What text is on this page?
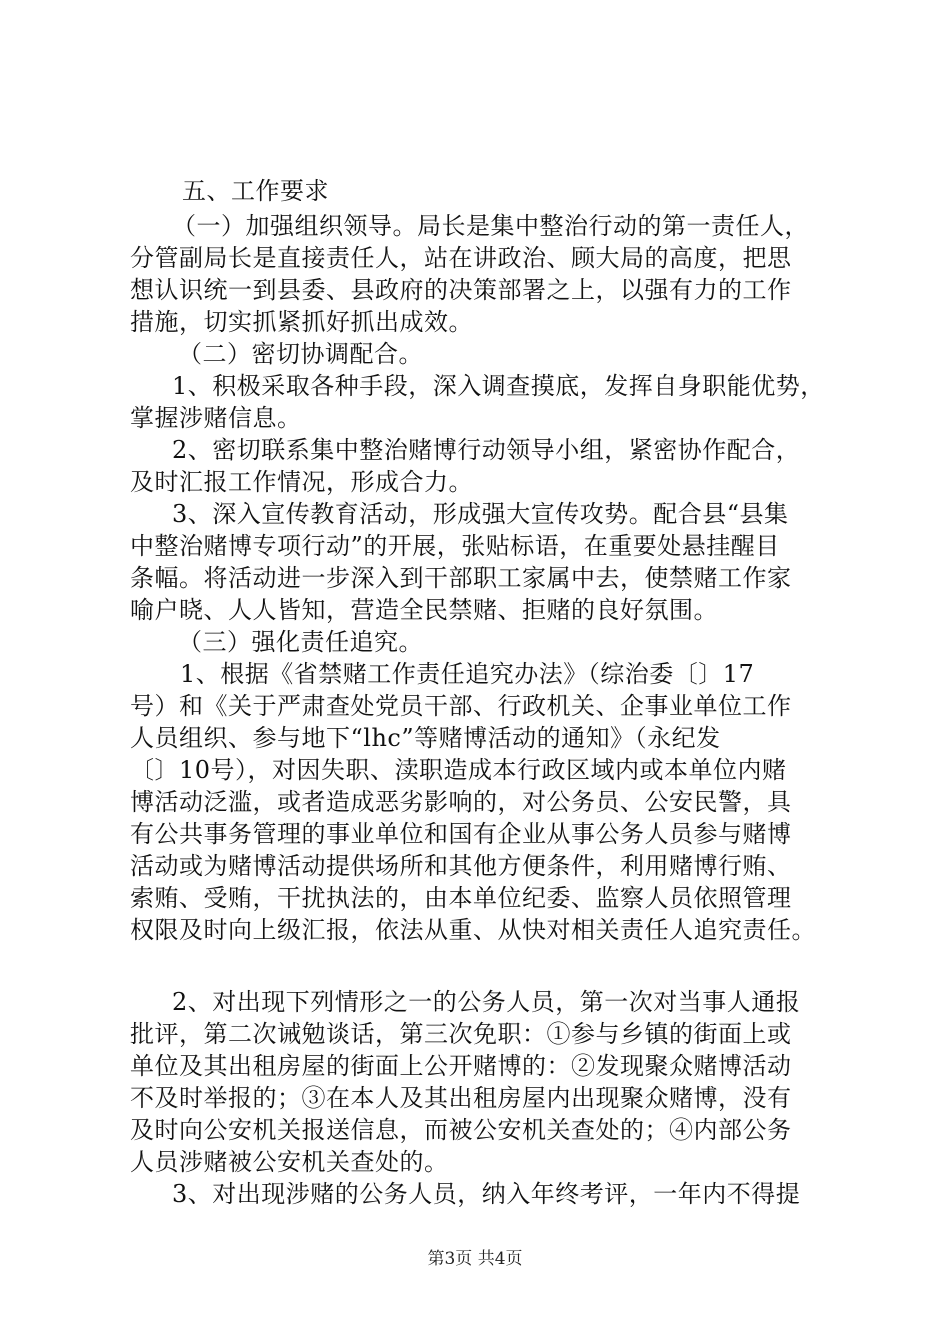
五、工作要求
（一）加强组织领导。局长是集中整治行动的第一责任人，
分管副局长是直接责任人，站在讲政治、顾大局的高度，把思
想认识统一到县委、县政府的决策部署之上，以强有力的工作
措施，切实抓紧抓好抓出成效。
（二）密切协调配合。
1、积极采取各种手段，深入调查摸底，发挥自身职能优势，
掌握涉赌信息。
2、密切联系集中整治赌博行动领导小组，紧密协作配合，
及时汇报工作情况，形成合力。
3、深入宣传教育活动，形成强大宣传攻势。配合县“县集
中整治赌博专项行动”的开展，张贴标语，在重要处悬挂醒目
条幅。将活动进一步深入到干部职工家属中去，使禁赌工作家
喻户晓、人人皆知，营造全民禁赌、拒赌的良好氛围。
（三）强化责任追究。
1、根据《省禁赌工作责任追究办法》（综治委〔〕17
号）和《关于严肃查处党员干部、行政机关、企事业单位工作
人员组织、参与地下“lhc”等赌博活动的通知》（永纪发
〔〕10号），对因失职、渎职造成本行政区域内或本单位内赌
博活动泛滥，或者造成恶劣影响的，对公务员、公安民警，具
有公共事务管理的事业单位和国有企业从事公务人员参与赌博
活动或为赌博活动提供场所和其他方便条件，利用赌博行贿、
索贿、受贿，干扰执法的，由本单位纪委、监察人员依照管理
权限及时向上级汇报，依法从重、从快对相关责任人追究责任。
2、对出现下列情形之一的公务人员，第一次对当事人通报
批评，第二次诫勉谈话，第三次免职：①参与乡镇的街面上或
单位及其出租房屋的街面上公开赌博的：②发现聚众赌博活动
不及时举报的；③在本人及其出租房屋内出现聚众赌博，没有
及时向公安机关报送信息，而被公安机关查处的；④内部公务
人员涉赌被公安机关查处的。
3、对出现涉赌的公务人员，纳入年终考评，一年内不得提
第3页 共4页
